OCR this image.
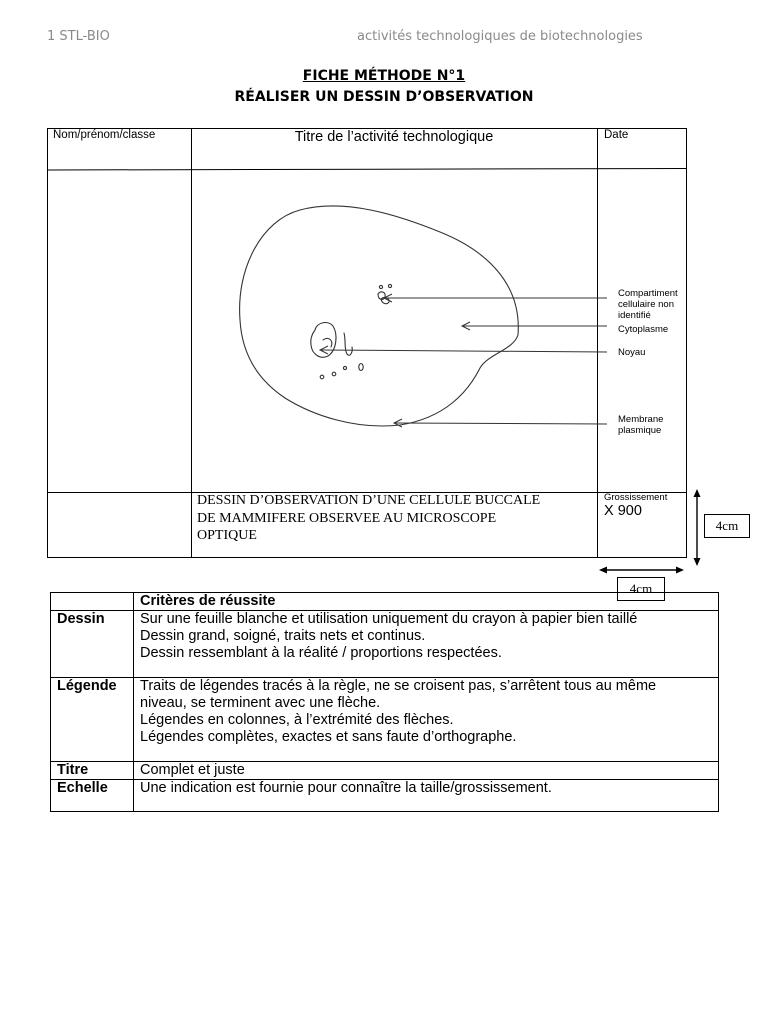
1 STL-BIO	activités technologiques de biotechnologies
FICHE MÉTHODE N°1
RÉALISER UN DESSIN D’OBSERVATION
Nom/prénom/classe	Titre de l’activité technologique	Date
Compartiment
cellulaire non
identifié
Cytoplasme
Noyau
Membrane
plasmique
DESSIN D’OBSERVATION D’UNE CELLULE BUCCALE
DE MAMMIFERE OBSERVEE AU MICROSCOPE
OPTIQUE
Grossissement
X 900
4cm
4cm
	Critères de réussite
Dessin	Sur une feuille blanche et utilisation uniquement du crayon à papier bien taillé
Dessin grand, soigné, traits nets et continus.
Dessin ressemblant à la réalité / proportions respectées.

Légende	Traits de légendes tracés à la règle, ne se croisent pas, s’arrêtent tous au même
niveau, se terminent avec une flèche.
Légendes en colonnes, à l’extrémité des flèches.
Légendes complètes, exactes et sans faute d’orthographe.

Titre	Complet et juste

Echelle	Une indication est fournie pour connaître la taille/grossissement.
